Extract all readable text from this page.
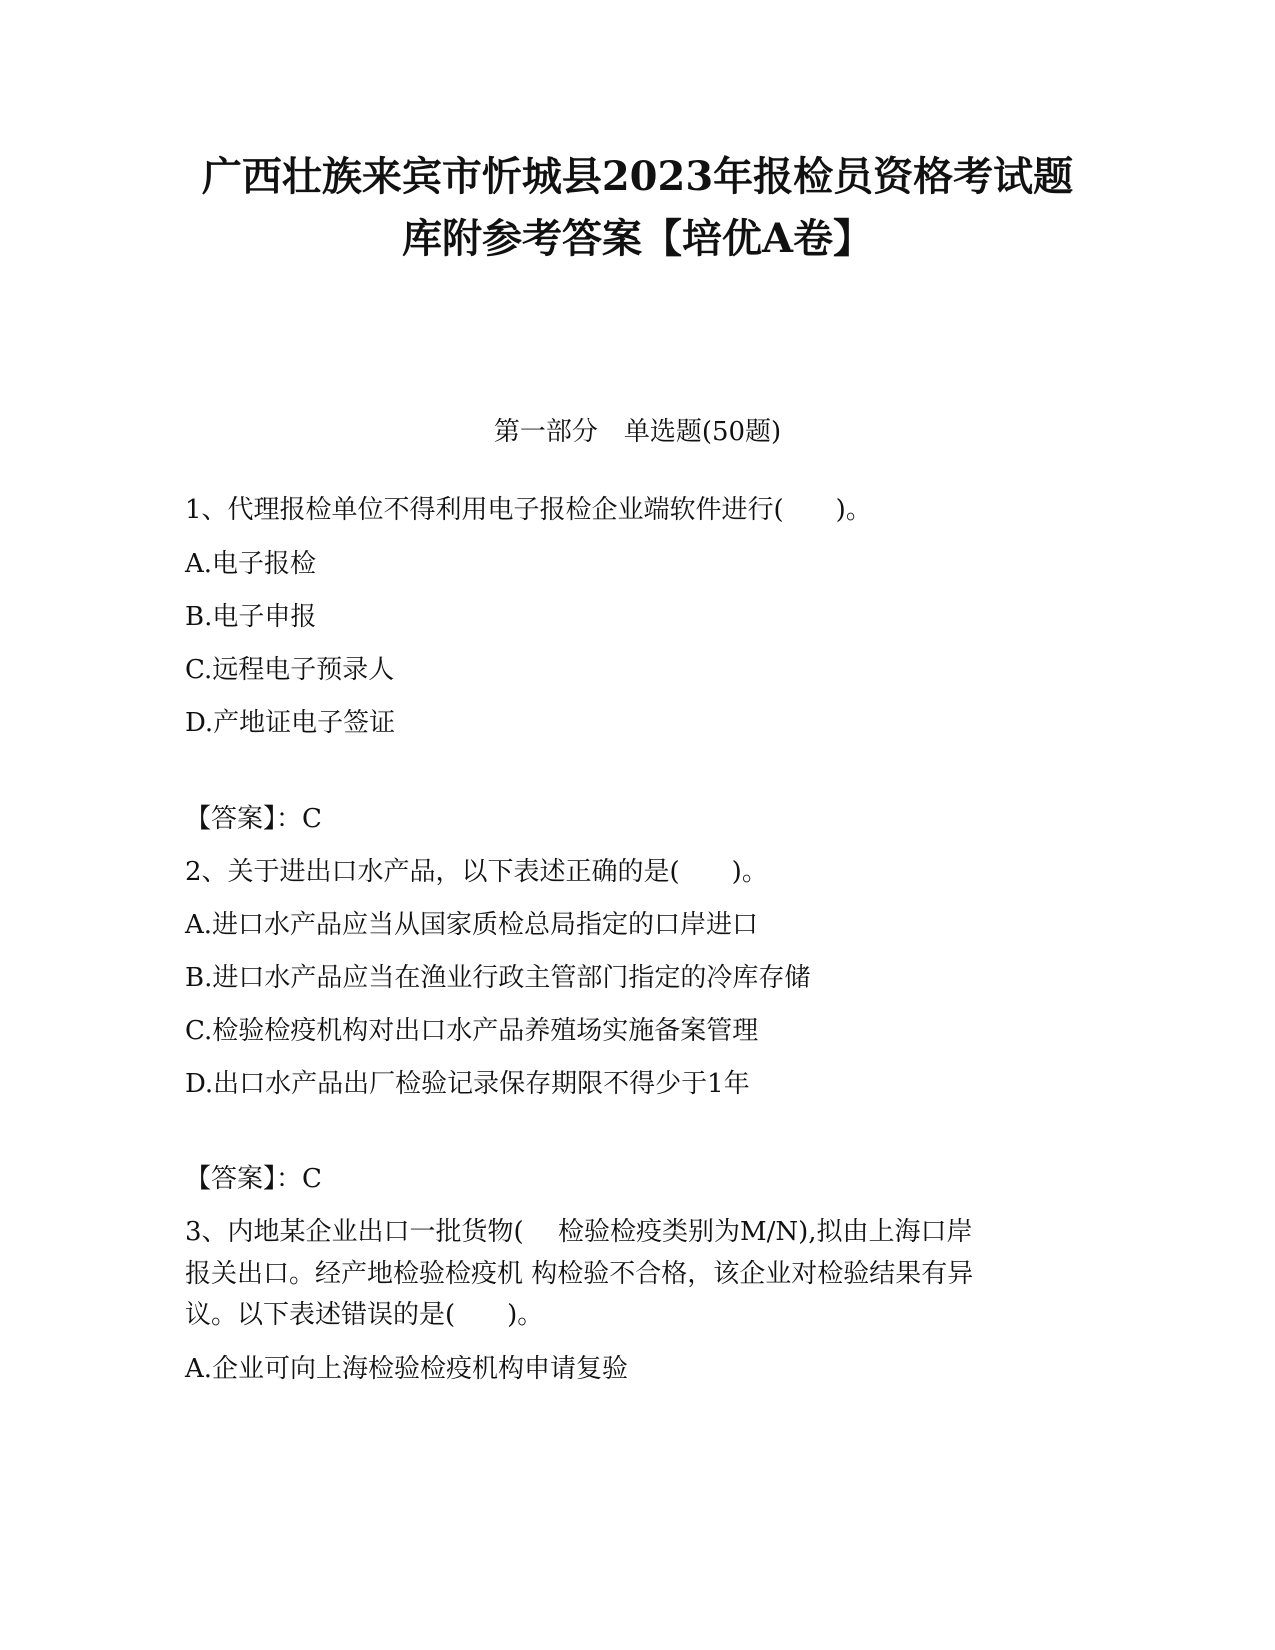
广西壮族来宾市忻城县2023年报检员资格考试题
库附参考答案【培优A卷】
第一部分　单选题(50题)
1、代理报检单位不得利用电子报检企业端软件进行(　　)。
A.电子报检
B.电子申报
C.远程电子预录人
D.产地证电子签证
【答案】：C
2、关于进出口水产品，以下表述正确的是(　　)。
A.进口水产品应当从国家质检总局指定的口岸进口
B.进口水产品应当在渔业行政主管部门指定的冷库存储
C.检验检疫机构对出口水产品养殖场实施备案管理
D.出口水产品出厂检验记录保存期限不得少于1年
【答案】：C
3、内地某企业出口一批货物(　 检验检疫类别为M/N),拟由上海口岸
报关出口。经产地检验检疫机 构检验不合格，该企业对检验结果有异
议。以下表述错误的是(　　)。
A.企业可向上海检验检疫机构申请复验
